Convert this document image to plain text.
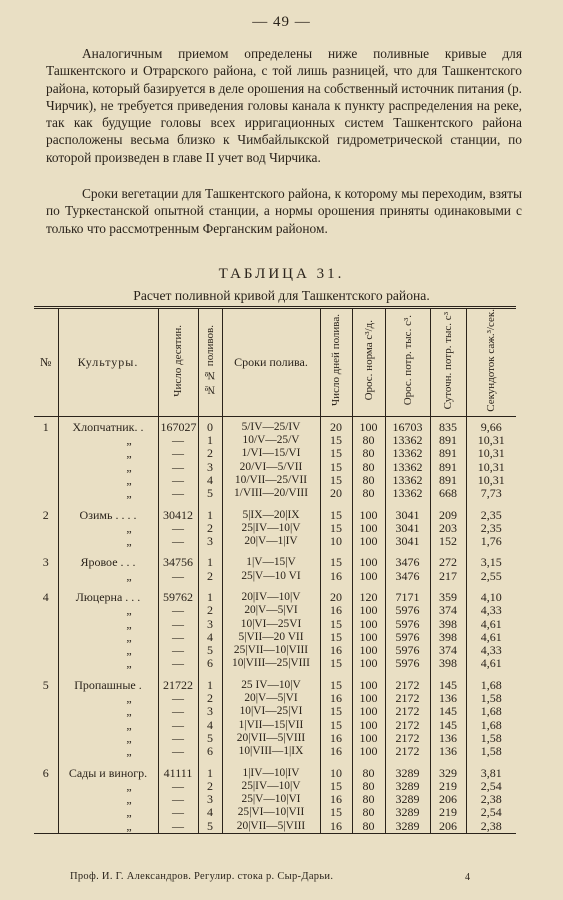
— 49 —
Аналогичным приемом определены ниже поливные кривые для Ташкентского и Отрарского района, с той лишь разницей, что для Ташкентского района, который базируется в деле орошения на собственный источник питания (р. Чирчик), не требуется приведения головы канала к пункту распределения на реке, так как будущие головы всех ирригационных систем Ташкентского района расположены весьма близко к Чимбайлыкской гидрометрической станции, по которой произведен в главе II учет вод Чирчика.
Сроки вегетации для Ташкентского района, к которому мы переходим, взяты по Туркестанской опытной станции, а нормы орошения приняты одинаковыми с только что рассмотренным Ферганским районом.
ТАБЛИЦА 31.
Расчет поливной кривой для Ташкентского района.
№	Культуры.	Число десятин.	№ № поливов.	Сроки полива.	Число дней полива.	Орос. норма с³/д.	Орос. потр. тыс. с³.	Суточн. потр. тыс. с³	Секундоток саж.³/сек.
1	Хлопчатник. .	167027	0	5/IV—25/IV	20	100	16703	835	9,66
	„	—	1	10/V—25/V	15	80	13362	891	10,31
	„	—	2	1/VI—15/VI	15	80	13362	891	10,31
	„	—	3	20/VI—5/VII	15	80	13362	891	10,31
	„	—	4	10/VII—25/VII	15	80	13362	891	10,31
	„	—	5	1/VIII—20/VIII	20	80	13362	668	7,73

2	Озимь . . . .	30412	1	5|IX—20|IX	15	100	3041	209	2,35
	„	—	2	25|IV—10|V	15	100	3041	203	2,35
	„	—	3	20|V—1|IV	10	100	3041	152	1,76

3	Яровое . . .	34756	1	1|V—15|V	15	100	3476	272	3,15
	„	—	2	25|V—10 VI	16	100	3476	217	2,55

4	Люцерна . . .	59762	1	20|IV—10|V	20	120	7171	359	4,10
	„	—	2	20|V—5|VI	16	100	5976	374	4,33
	„	—	3	10|VI—25VI	15	100	5976	398	4,61
	„	—	4	5|VII—20 VII	15	100	5976	398	4,61
	„	—	5	25|VII—10|VIII	16	100	5976	374	4,33
	„	—	6	10|VIII—25|VIII	15	100	5976	398	4,61

5	Пропашные .	21722	1	25 IV—10|V	15	100	2172	145	1,68
	„	—	2	20|V—5|VI	16	100	2172	136	1,58
	„	—	3	10|VI—25|VI	15	100	2172	145	1,68
	„	—	4	1|VII—15|VII	15	100	2172	145	1,68
	„	—	5	20|VII—5|VIII	16	100	2172	136	1,58
	„	—	6	10|VIII—1|IX	16	100	2172	136	1,58

6	Сады и виногр.	41111	1	1|IV—10|IV	10	80	3289	329	3,81
	„	—	2	25|IV—10|V	15	80	3289	219	2,54
	„	—	3	25|V—10|VI	16	80	3289	206	2,38
	„	—	4	25|VI—10|VII	15	80	3289	219	2,54
	„	—	5	20|VII—5|VIII	16	80	3289	206	2,38
Проф. И. Г. Александров. Регулир. стока р. Сыр-Дарьи.	4
